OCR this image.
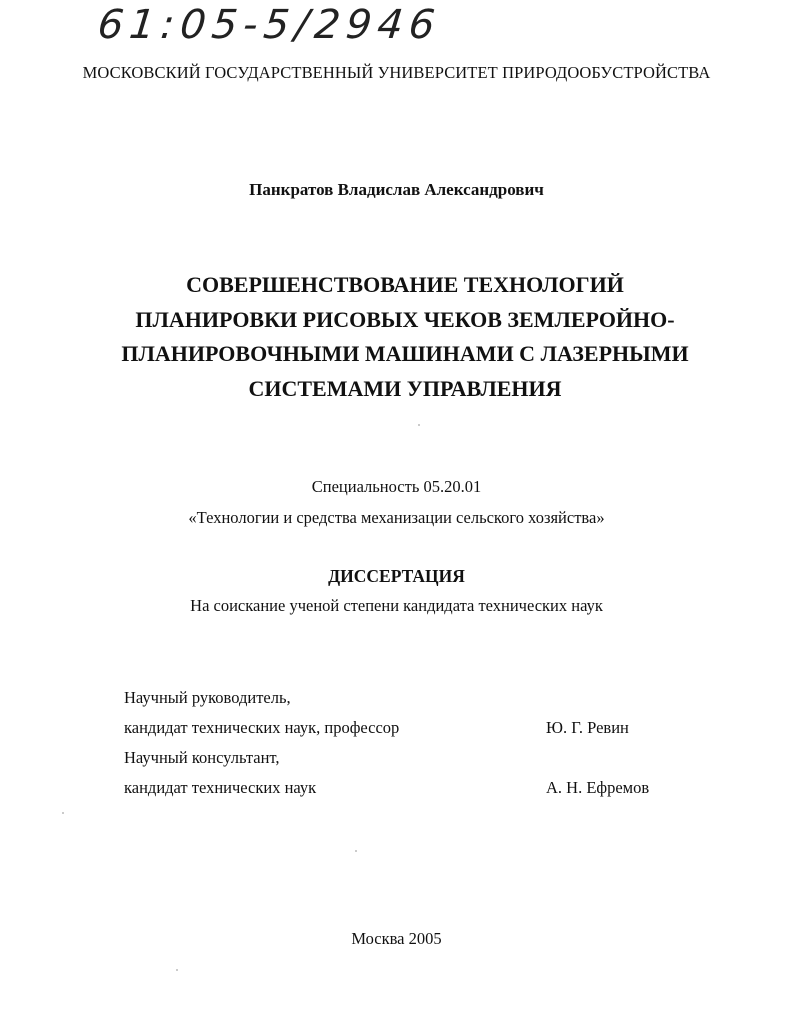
61:05-5/2946
МОСКОВСКИЙ ГОСУДАРСТВЕННЫЙ УНИВЕРСИТЕТ ПРИРОДООБУСТРОЙСТВА
Панкратов Владислав Александрович
СОВЕРШЕНСТВОВАНИЕ ТЕХНОЛОГИЙ
ПЛАНИРОВКИ РИСОВЫХ ЧЕКОВ ЗЕМЛЕРОЙНО-
ПЛАНИРОВОЧНЫМИ МАШИНАМИ С ЛАЗЕРНЫМИ
СИСТЕМАМИ УПРАВЛЕНИЯ
Специальность 05.20.01
«Технологии и средства механизации сельского хозяйства»
ДИССЕРТАЦИЯ
На соискание ученой степени кандидата технических наук
Научный руководитель,
кандидат технических наук, профессор	Ю. Г. Ревин
Научный консультант,
кандидат технических наук	А. Н. Ефремов
Москва 2005
